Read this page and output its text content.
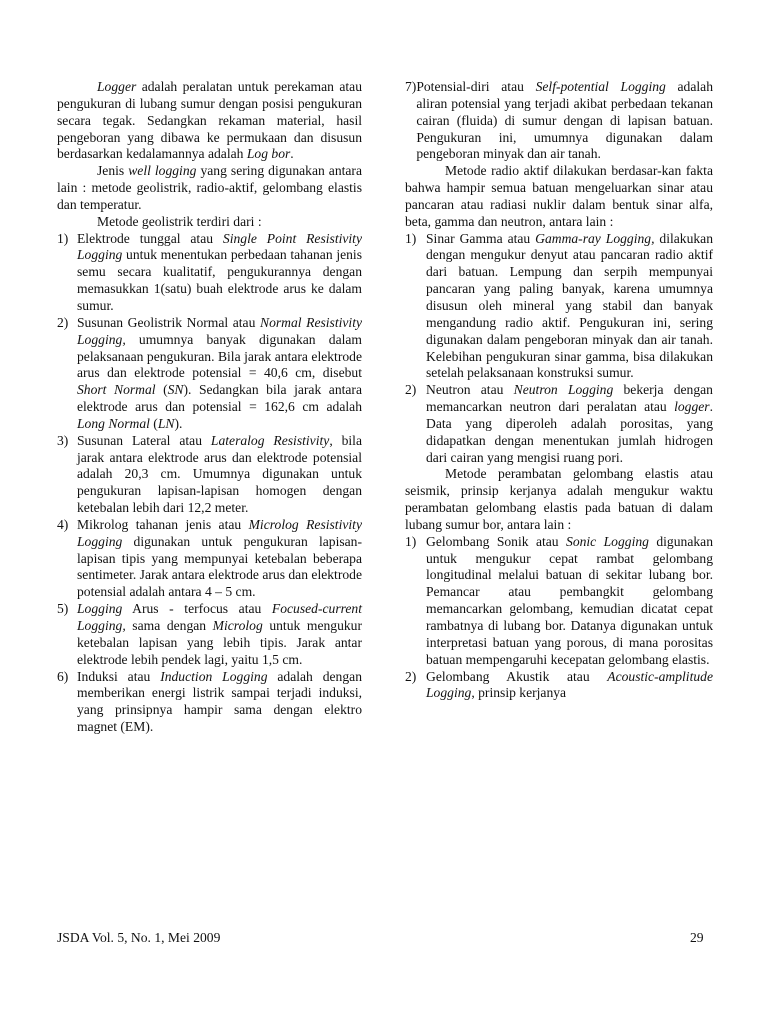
Logger adalah peralatan untuk perekaman atau pengukuran di lubang sumur dengan posisi pengukuran secara tegak. Sedangkan rekaman material, hasil pengeboran yang dibawa ke permukaan dan disusun berdasarkan kedalamannya adalah Log bor.

Jenis well logging yang sering digunakan antara lain : metode geolistrik, radio-aktif, gelombang elastis dan temperatur.

Metode geolistrik terdiri dari :

1) Elektrode tunggal atau Single Point Resistivity Logging untuk menentukan perbedaan tahanan jenis semu secara kualitatif, pengukurannya dengan memasukkan 1(satu) buah elektrode arus ke dalam sumur.
2) Susunan Geolistrik Normal atau Normal Resistivity Logging, umumnya banyak digunakan dalam pelaksanaan pengukuran. Bila jarak antara elektrode arus dan elektrode potensial = 40,6 cm, disebut Short Normal (SN). Sedangkan bila jarak antara elektrode arus dan potensial = 162,6 cm adalah Long Normal (LN).
3) Susunan Lateral atau Lateralog Resistivity, bila jarak antara elektrode arus dan elektrode potensial adalah 20,3 cm. Umumnya digunakan untuk pengukuran lapisan-lapisan homogen dengan ketebalan lebih dari 12,2 meter.
4) Mikrolog tahanan jenis atau Microlog Resistivity Logging digunakan untuk pengukuran lapisan-lapisan tipis yang mempunyai ketebalan beberapa sentimeter. Jarak antara elektrode arus dan elektrode potensial adalah antara 4 – 5 cm.
5) Logging Arus - terfocus atau Focused-current Logging, sama dengan Microlog untuk mengukur ketebalan lapisan yang lebih tipis. Jarak antar elektrode lebih pendek lagi, yaitu 1,5 cm.
6) Induksi atau Induction Logging adalah dengan memberikan energi listrik sampai terjadi induksi, yang prinsipnya hampir sama dengan elektro magnet (EM).
7) Potensial-diri atau Self-potential Logging adalah aliran potensial yang terjadi akibat perbedaan tekanan cairan (fluida) di sumur dengan di lapisan batuan. Pengukuran ini, umumnya digunakan dalam pengeboran minyak dan air tanah.

Metode radio aktif dilakukan berdasar-kan fakta bahwa hampir semua batuan mengeluarkan sinar atau pancaran atau radiasi nuklir dalam bentuk sinar alfa, beta, gamma dan neutron, antara lain :

1) Sinar Gamma atau Gamma-ray Logging, dilakukan dengan mengukur denyut atau pancaran radio aktif dari batuan. Lempung dan serpih mempunyai pancaran yang paling banyak, karena umumnya disusun oleh mineral yang stabil dan banyak mengandung radio aktif. Pengukuran ini, sering digunakan dalam pengeboran minyak dan air tanah. Kelebihan pengukuran sinar gamma, bisa dilakukan setelah pelaksanaan konstruksi sumur.
2) Neutron atau Neutron Logging bekerja dengan memancarkan neutron dari peralatan atau logger. Data yang diperoleh adalah porositas, yang didapatkan dengan menentukan jumlah hidrogen dari cairan yang mengisi ruang pori.

Metode perambatan gelombang elastis atau seismik, prinsip kerjanya adalah mengukur waktu perambatan gelombang elastis pada batuan di dalam lubang sumur bor, antara lain :

1) Gelombang Sonik atau Sonic Logging digunakan untuk mengukur cepat rambat gelombang longitudinal melalui batuan di sekitar lubang bor. Pemancar atau pembangkit gelombang memancarkan gelombang, kemudian dicatat cepat rambatnya di lubang bor. Datanya digunakan untuk interpretasi batuan yang porous, di mana porositas batuan mempengaruhi kecepatan gelombang elastis.
2) Gelombang Akustik atau Acoustic-amplitude Logging, prinsip kerjanya
JSDA Vol. 5, No. 1, Mei 2009	29
